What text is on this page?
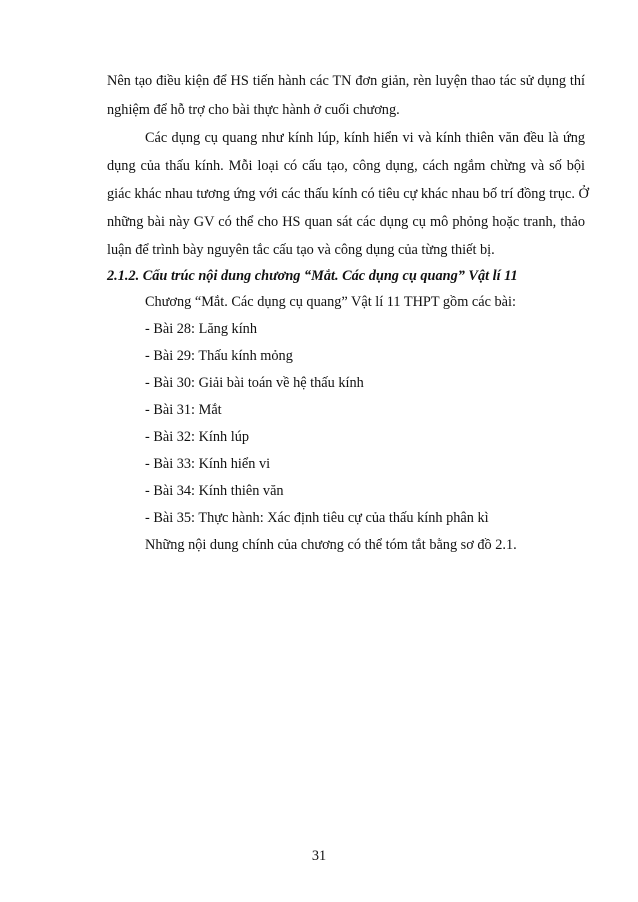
Nên tạo điều kiện để HS tiến hành các TN đơn giản, rèn luyện thao tác sử dụng thí
nghiệm để hỗ trợ cho bài thực hành ở cuối chương.
Các dụng cụ quang như kính lúp, kính hiển vi và kính thiên văn đều là ứng
dụng của thấu kính. Mỗi loại có cấu tạo, công dụng, cách ngắm chừng và số bội
giác khác nhau tương ứng với các thấu kính có tiêu cự khác nhau bố trí đồng trục. Ở
những bài này GV có thể cho HS quan sát các dụng cụ mô phỏng hoặc tranh, thảo
luận để trình bày nguyên tắc cấu tạo và công dụng của từng thiết bị.
2.1.2. Cấu trúc nội dung chương “Mắt. Các dụng cụ quang” Vật lí 11
Chương “Mắt. Các dụng cụ quang” Vật lí 11 THPT gồm các bài:
- Bài 28: Lăng kính
- Bài 29: Thấu kính mỏng
- Bài 30: Giải bài toán về hệ thấu kính
- Bài 31: Mắt
- Bài 32: Kính lúp
- Bài 33: Kính hiển vi
- Bài 34: Kính thiên văn
- Bài 35: Thực hành: Xác định tiêu cự của thấu kính phân kì
Những nội dung chính của chương có thể tóm tắt bằng sơ đồ 2.1.
31
